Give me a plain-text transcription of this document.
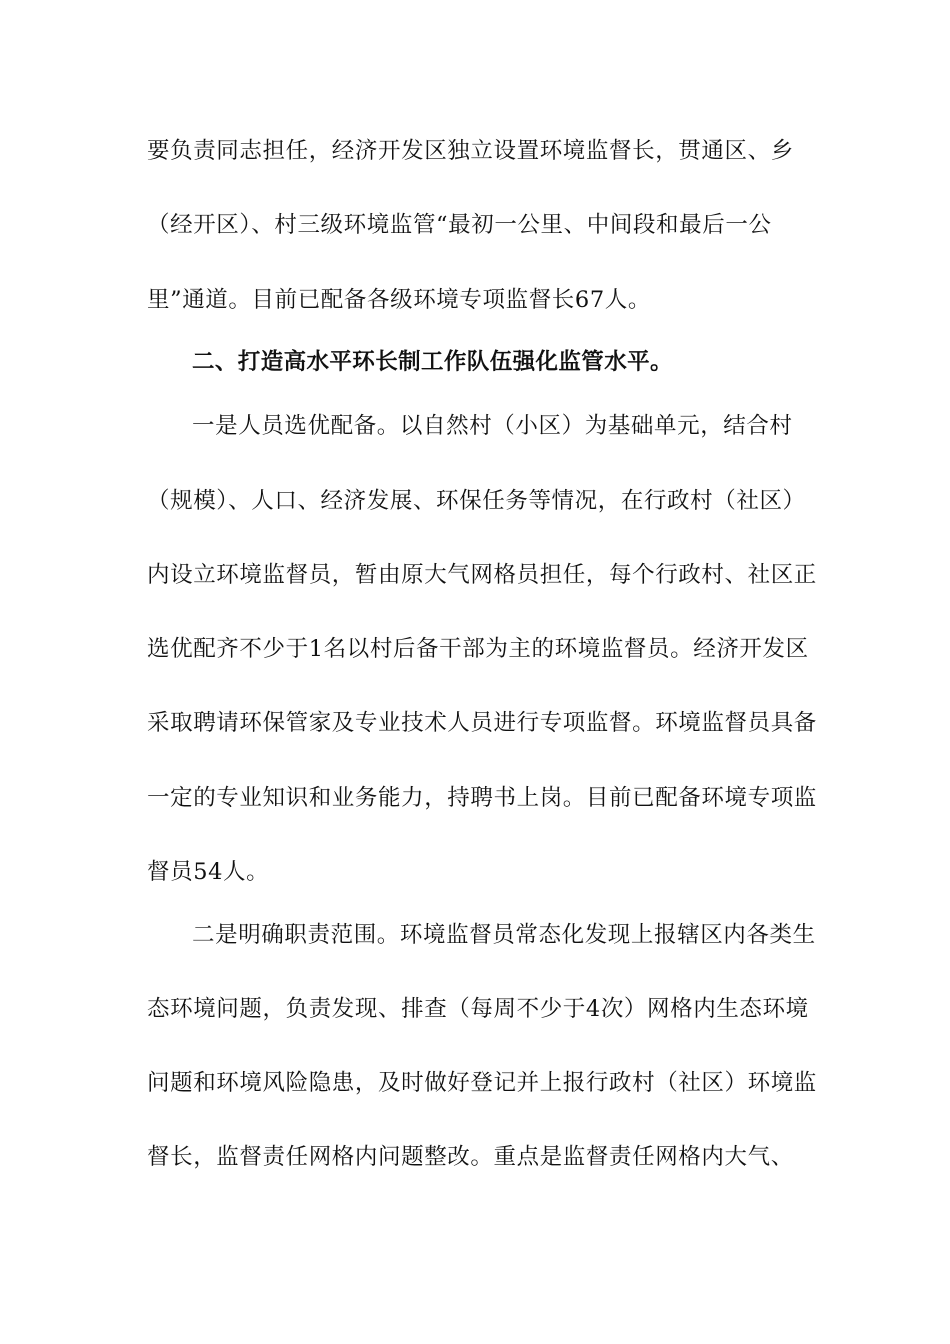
要负责同志担任，经济开发区独立设置环境监督长，贯通区、乡
（经开区）、村三级环境监管“最初一公里、中间段和最后一公
里”通道。目前已配备各级环境专项监督长67人。
二、打造高水平环长制工作队伍强化监管水平。
一是人员选优配备。以自然村（小区）为基础单元，结合村
（规模）、人口、经济发展、环保任务等情况，在行政村（社区）
内设立环境监督员，暂由原大气网格员担任，每个行政村、社区正
选优配齐不少于1名以村后备干部为主的环境监督员。经济开发区
采取聘请环保管家及专业技术人员进行专项监督。环境监督员具备
一定的专业知识和业务能力，持聘书上岗。目前已配备环境专项监
督员54人。
二是明确职责范围。环境监督员常态化发现上报辖区内各类生
态环境问题，负责发现、排查（每周不少于4次）网格内生态环境
问题和环境风险隐患，及时做好登记并上报行政村（社区）环境监
督长，监督责任网格内问题整改。重点是监督责任网格内大气、
